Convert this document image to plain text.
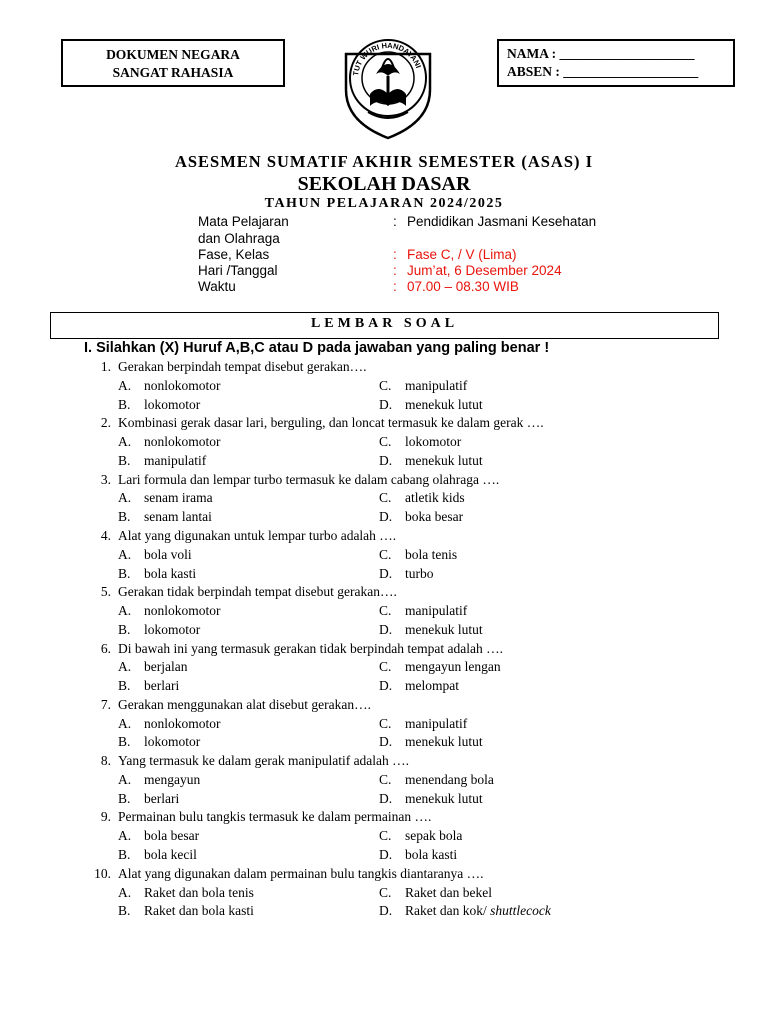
DOKUMEN NEGARA
SANGAT RAHASIA	TUT WURI HANDAYANI
NAMA : ____________________
ABSEN : ____________________
ASESMEN SUMATIF AKHIR SEMESTER (ASAS) I
SEKOLAH DASAR
TAHUN PELAJARAN 2024/2025
Mata Pelajaran	: Pendidikan Jasmani Kesehatan
dan Olahraga
Fase, Kelas	: Fase C, / V (Lima)
Hari /Tanggal	: Jum’at, 6 Desember 2024
Waktu	: 07.00 – 08.30 WIB
LEMBAR SOAL
I. Silahkan (X) Huruf A,B,C atau D pada jawaban yang paling benar !
1. Gerakan berpindah tempat disebut gerakan….
A. nonlokomotor
B. lokomotor
C. manipulatif
D. menekuk lutut
2. Kombinasi gerak dasar lari, berguling, dan loncat termasuk ke dalam gerak ….
A. nonlokomotor
B. manipulatif
C. lokomotor
D. menekuk lutut
3. Lari formula dan lempar turbo termasuk ke dalam cabang olahraga ….
A. senam irama
B. senam lantai
C. atletik kids
D. boka besar
4. Alat yang digunakan untuk lempar turbo adalah ….
A. bola voli
B. bola kasti
C. bola tenis
D. turbo
5. Gerakan tidak berpindah tempat disebut gerakan….
A. nonlokomotor
B. lokomotor
C. manipulatif
D. menekuk lutut
6. Di bawah ini yang termasuk gerakan tidak berpindah tempat adalah ….
A. berjalan
B. berlari
C. mengayun lengan
D. melompat
7. Gerakan menggunakan alat disebut gerakan….
A. nonlokomotor
B. lokomotor
C. manipulatif
D. menekuk lutut
8. Yang termasuk ke dalam gerak manipulatif adalah ….
A. mengayun
B. berlari
C. menendang bola
D. menekuk lutut
9. Permainan bulu tangkis termasuk ke dalam permainan ….
A. bola besar
B. bola kecil
C. sepak bola
D. bola kasti
10. Alat yang digunakan dalam permainan bulu tangkis diantaranya ….
A. Raket dan bola tenis
B. Raket dan bola kasti
C. Raket dan bekel
D. Raket dan kok/ shuttlecock
